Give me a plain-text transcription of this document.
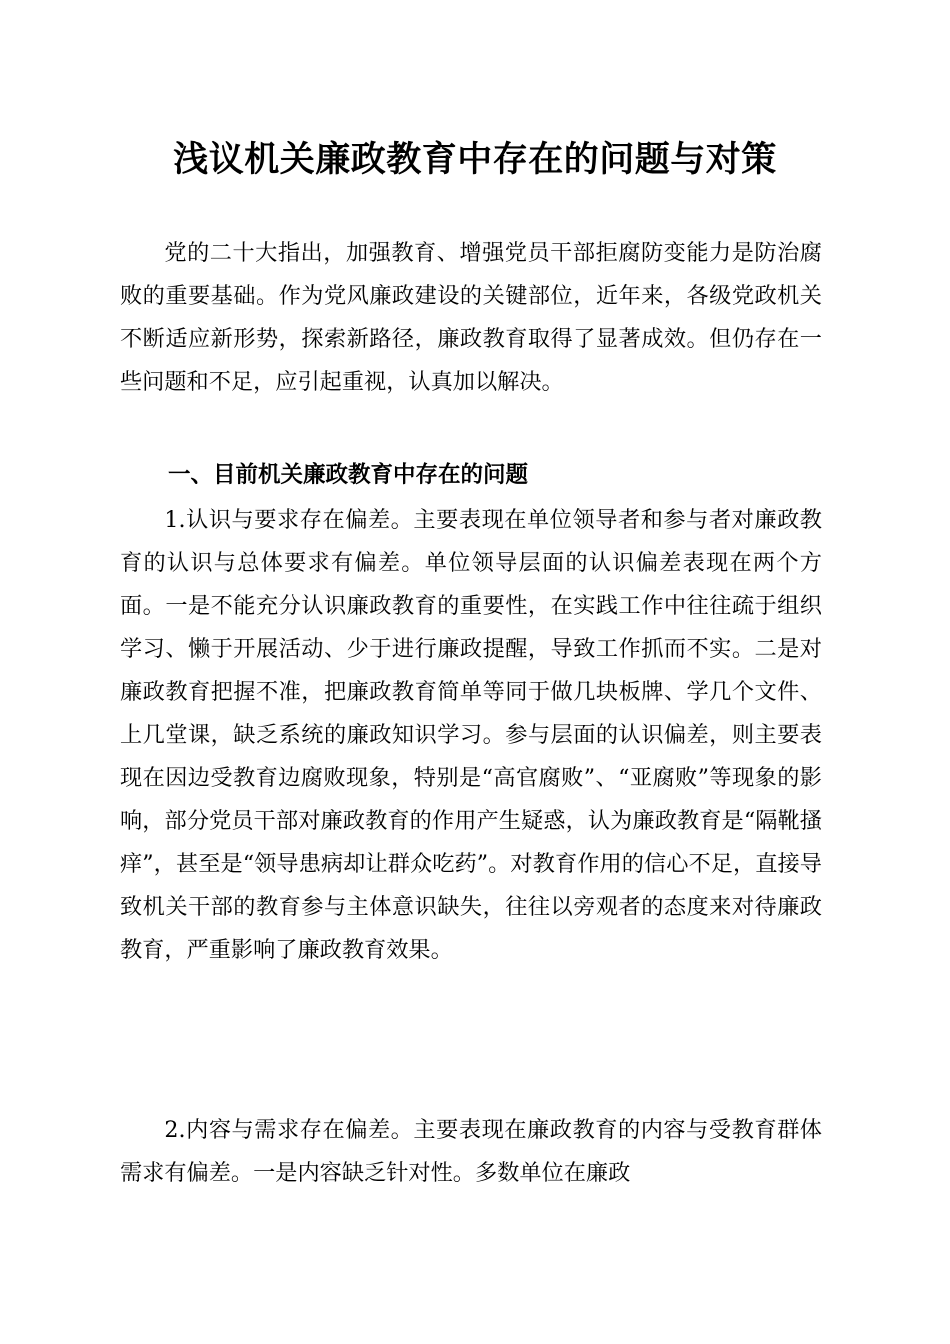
浅议机关廉政教育中存在的问题与对策

党的二十大指出，加强教育、增强党员干部拒腐防变能力是防治腐败的重要基础。作为党风廉政建设的关键部位，近年来，各级党政机关不断适应新形势，探索新路径，廉政教育取得了显著成效。但仍存在一些问题和不足，应引起重视，认真加以解决。

一、目前机关廉政教育中存在的问题

1.认识与要求存在偏差。主要表现在单位领导者和参与者对廉政教育的认识与总体要求有偏差。单位领导层面的认识偏差表现在两个方面。一是不能充分认识廉政教育的重要性，在实践工作中往往疏于组织学习、懒于开展活动、少于进行廉政提醒，导致工作抓而不实。二是对廉政教育把握不准，把廉政教育简单等同于做几块板牌、学几个文件、上几堂课，缺乏系统的廉政知识学习。参与层面的认识偏差，则主要表现在因边受教育边腐败现象，特别是“高官腐败”、“亚腐败”等现象的影响，部分党员干部对廉政教育的作用产生疑惑，认为廉政教育是“隔靴搔痒”，甚至是“领导患病却让群众吃药”。对教育作用的信心不足，直接导致机关干部的教育参与主体意识缺失，往往以旁观者的态度来对待廉政教育，严重影响了廉政教育效果。

2.内容与需求存在偏差。主要表现在廉政教育的内容与受教育群体需求有偏差。一是内容缺乏针对性。多数单位在廉政
